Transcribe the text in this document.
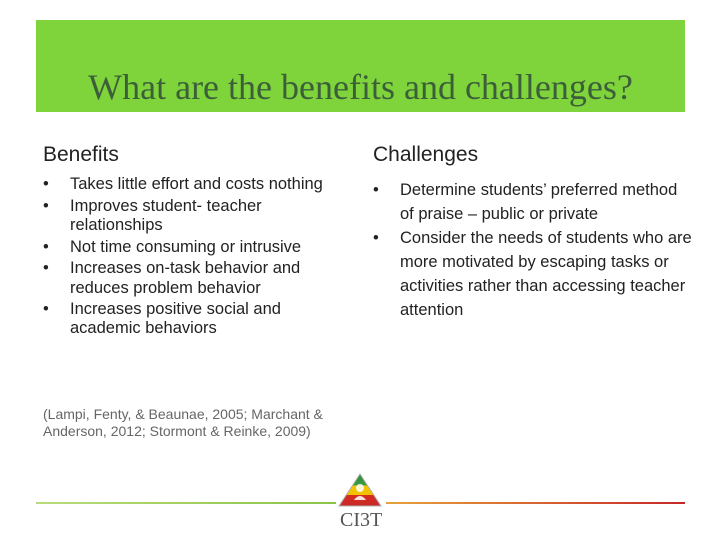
What are the benefits and challenges?
Benefits	Challenges
• Takes little effort and costs nothing
• Improves student- teacher relationships
• Not time consuming or intrusive
• Increases on-task behavior and reduces problem behavior
• Increases positive social and academic behaviors
• Determine students’ preferred method of praise – public or private
• Consider the needs of students who are more motivated by escaping tasks or activities rather than accessing teacher attention
(Lampi, Fenty, & Beaunae, 2005; Marchant & Anderson, 2012; Stormont & Reinke, 2009)
CI3T
